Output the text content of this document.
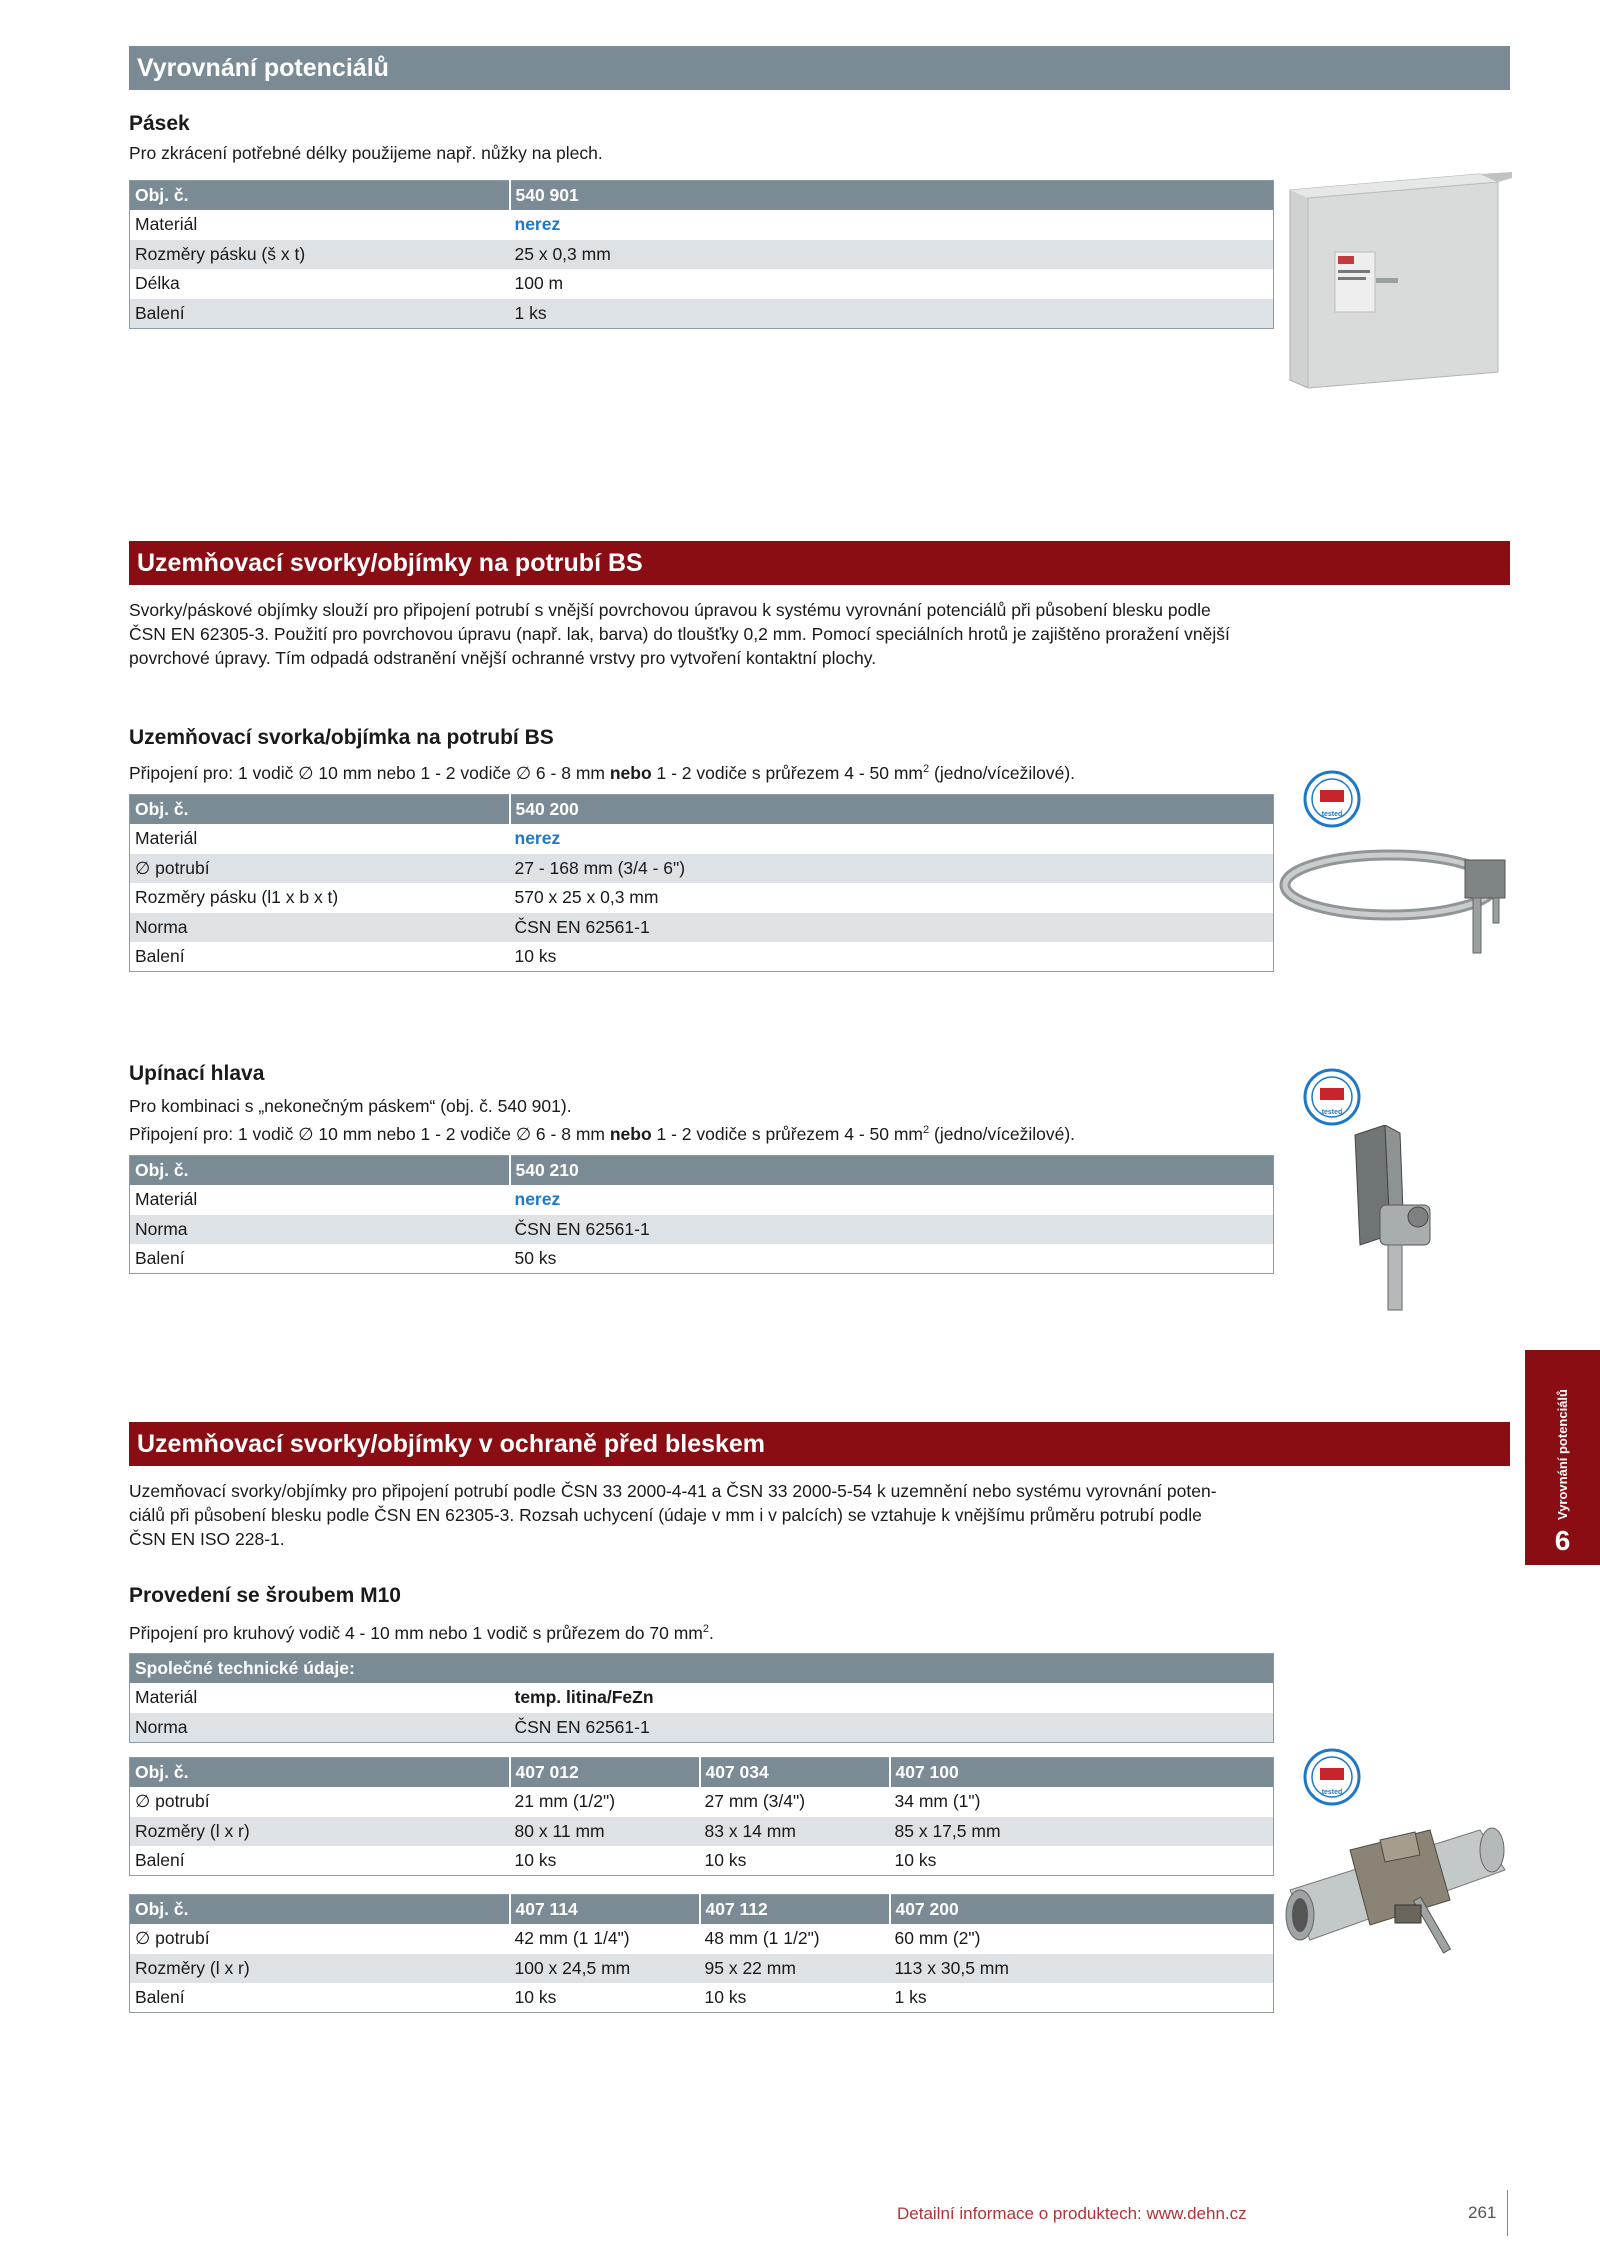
Vyrovnání potenciálů
Pásek
Pro zkrácení potřebné délky použijeme např. nůžky na plech.
Obj. č.	540 901
Materiál	nerez
Rozměry pásku (š x t)	25 x 0,3 mm
Délka	100 m
Balení	1 ks
Uzemňovací svorky/objímky na potrubí BS
Svorky/páskové objímky slouží pro připojení potrubí s vnější povrchovou úpravou k systému vyrovnání potenciálů při působení blesku podle
ČSN EN 62305-3. Použití pro povrchovou úpravu (např. lak, barva) do tloušťky 0,2 mm. Pomocí speciálních hrotů je zajištěno proražení vnější
povrchové úpravy. Tím odpadá odstranění vnější ochranné vrstvy pro vytvoření kontaktní plochy.
Uzemňovací svorka/objímka na potrubí BS
Připojení pro: 1 vodič ∅ 10 mm nebo 1 - 2 vodiče ∅ 6 - 8 mm nebo 1 - 2 vodiče s průřezem 4 - 50 $mm^2$ (jedno/vícežilové).
Obj. č.	540 200
Materiál	nerez
∅ potrubí	27 - 168 mm (3/4 - 6")
Rozměry pásku (l1 x b x t)	570 x 25 x 0,3 mm
Norma	ČSN EN 62561-1
Balení	10 ks
tested
Upínací hlava
Pro kombinaci s „nekonečným páskem“ (obj. č. 540 901).
Připojení pro: 1 vodič ∅ 10 mm nebo 1 - 2 vodiče ∅ 6 - 8 mm nebo 1 - 2 vodiče s průřezem 4 - 50 $mm^2$ (jedno/vícežilové).
Obj. č.	540 210
Materiál	nerez
Norma	ČSN EN 62561-1
Balení	50 ks
tested
Uzemňovací svorky/objímky v ochraně před bleskem
Uzemňovací svorky/objímky pro připojení potrubí podle ČSN 33 2000-4-41 a ČSN 33 2000-5-54 k uzemnění nebo systému vyrovnání poten-
ciálů při působení blesku podle ČSN EN 62305-3. Rozsah uchycení (údaje v mm i v palcích) se vztahuje k vnějšímu průměru potrubí podle
ČSN EN ISO 228-1.
Provedení se šroubem M10
Připojení pro kruhový vodič 4 - 10 mm nebo 1 vodič s průřezem do 70 $mm^2$.
Společné technické údaje:	
Materiál	temp. litina/FeZn
Norma	ČSN EN 62561-1
Obj. č.	407 012	407 034	407 100
∅ potrubí	21 mm (1/2")	27 mm (3/4")	34 mm (1")
Rozměry (l x r)	80 x 11 mm	83 x 14 mm	85 x 17,5 mm
Balení	10 ks	10 ks	10 ks
Obj. č.	407 114	407 112	407 200
∅ potrubí	42 mm (1 1/4")	48 mm (1 1/2")	60 mm (2")
Rozměry (l x r)	100 x 24,5 mm	95 x 22 mm	113 x 30,5 mm
Balení	10 ks	10 ks	1 ks
tested
Vyrovnání potenciálů
6
Detailní informace o produktech: www.dehn.cz	261
